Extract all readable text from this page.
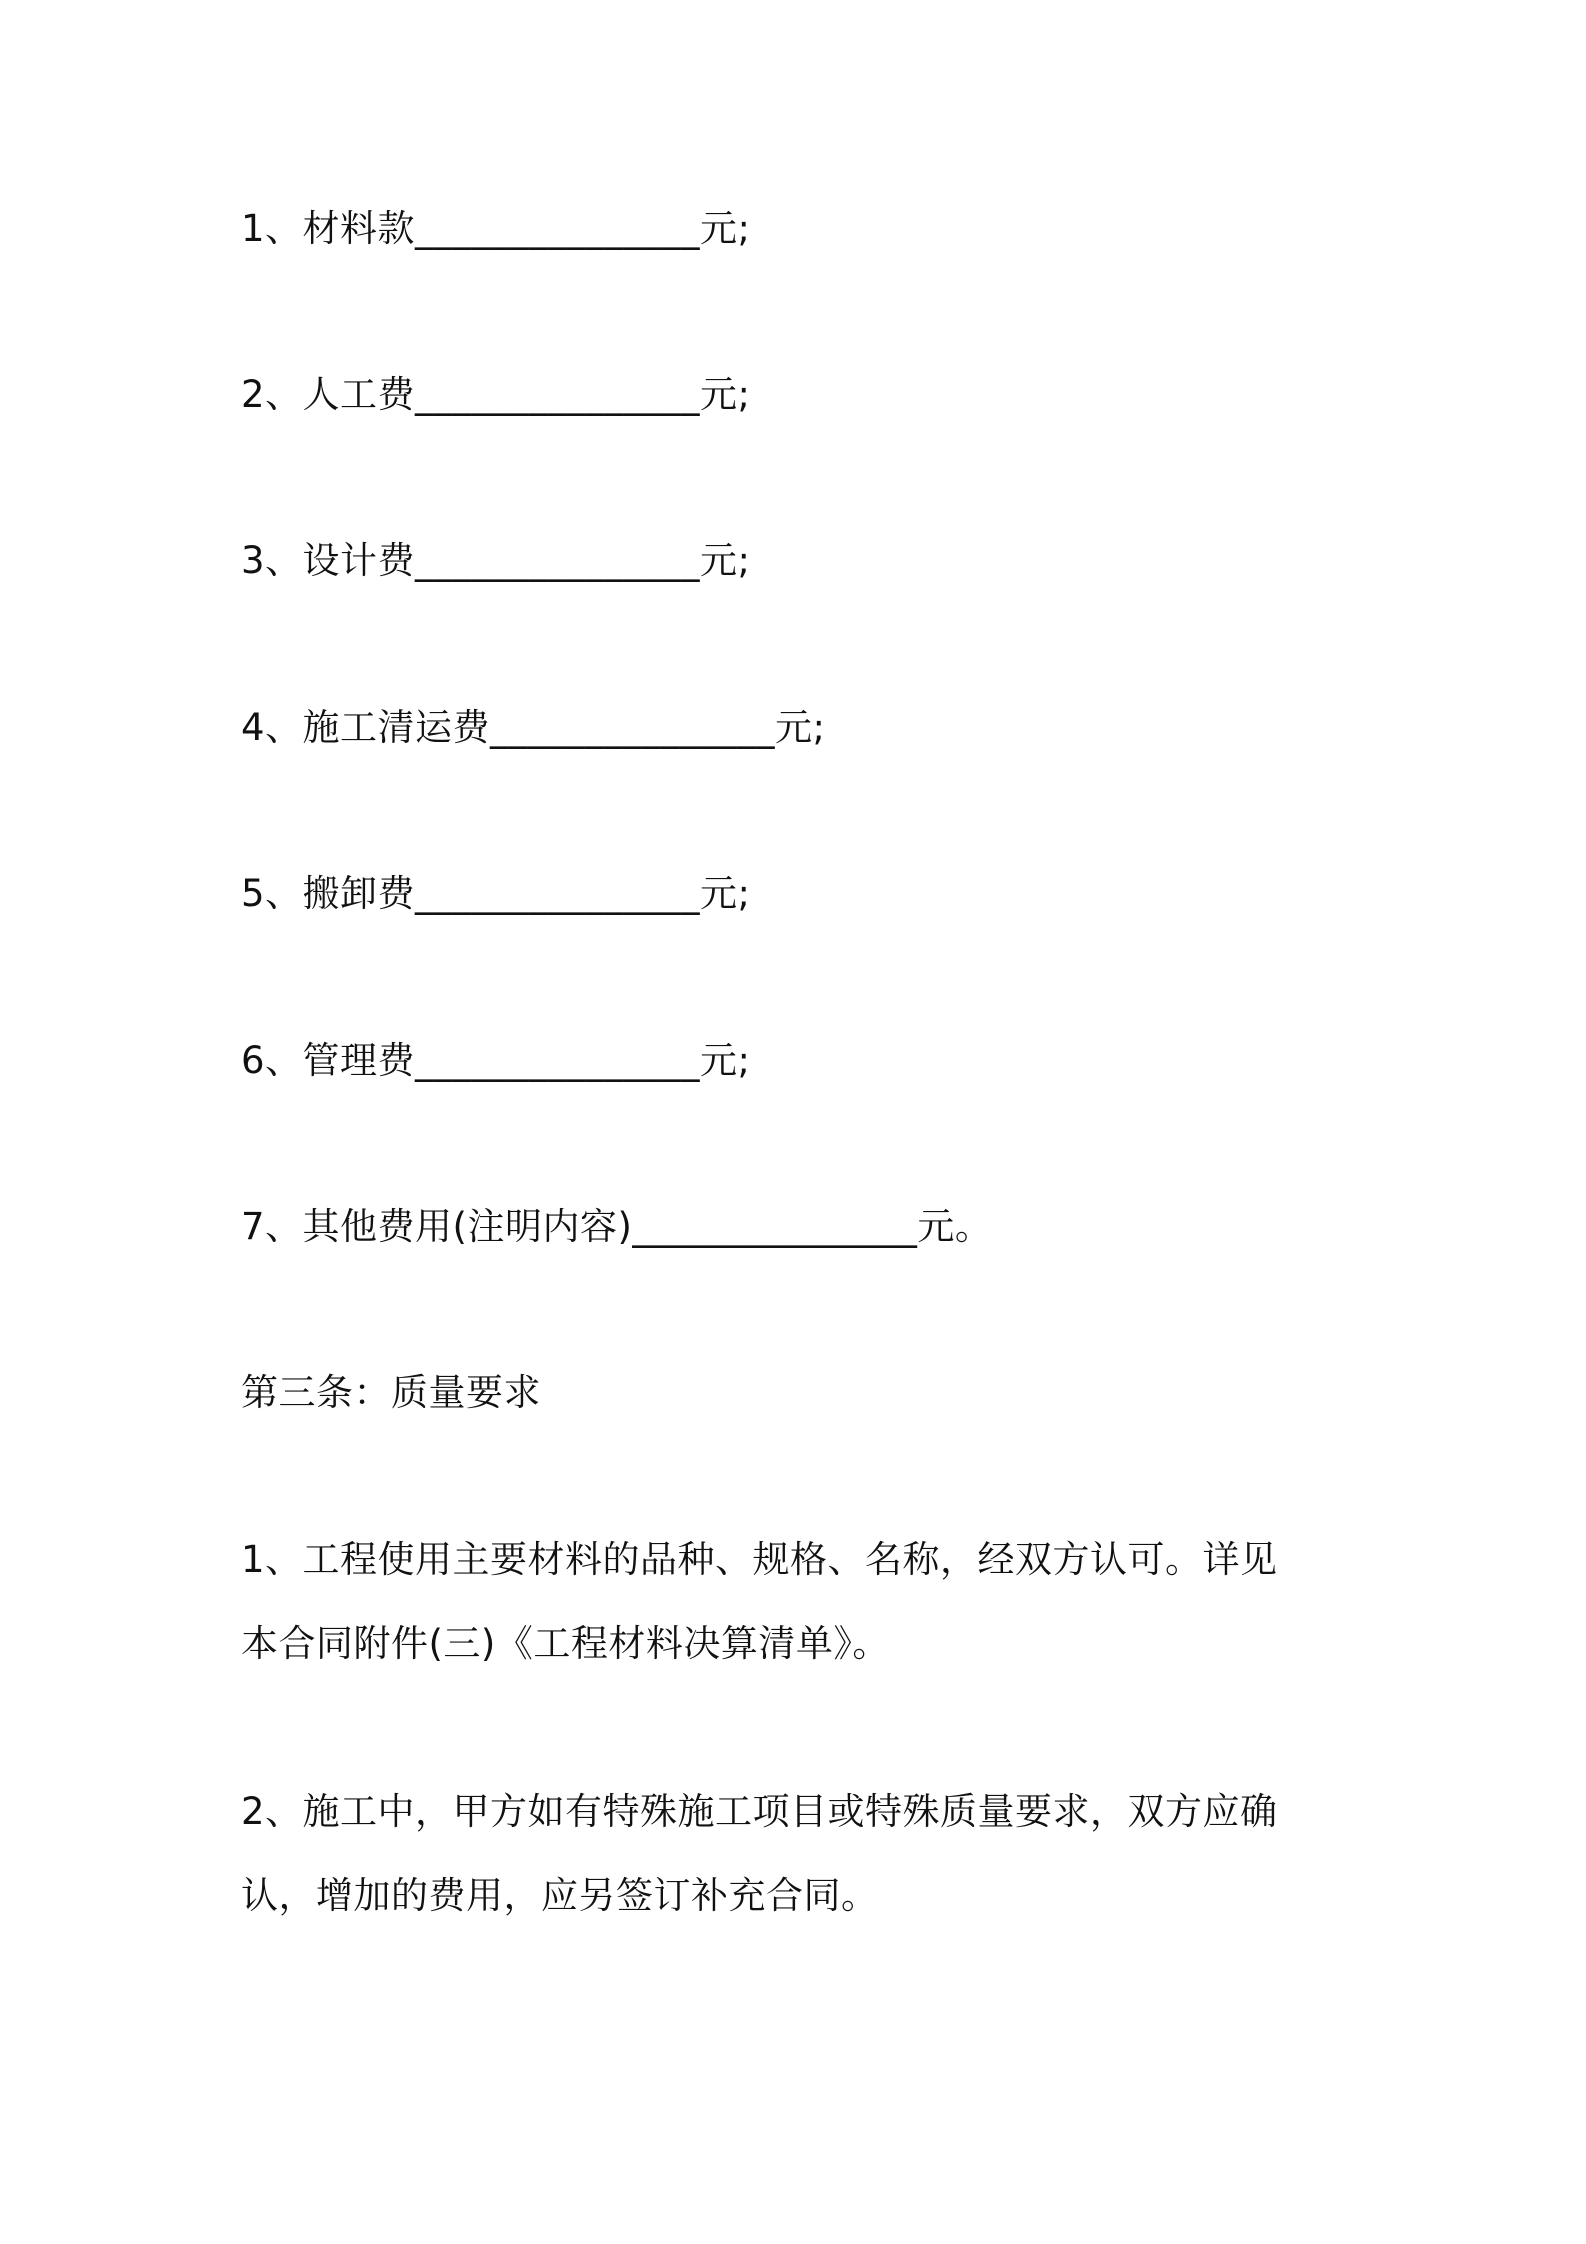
1、材料款_______________元;
2、人工费_______________元;
3、设计费_______________元;
4、施工清运费_______________元;
5、搬卸费_______________元;
6、管理费_______________元;
7、其他费用(注明内容)_______________元。
第三条：质量要求
1、工程使用主要材料的品种、规格、名称，经双方认可。详见
本合同附件(三)《工程材料决算清单》。
2、施工中，甲方如有特殊施工项目或特殊质量要求，双方应确
认，增加的费用，应另签订补充合同。
